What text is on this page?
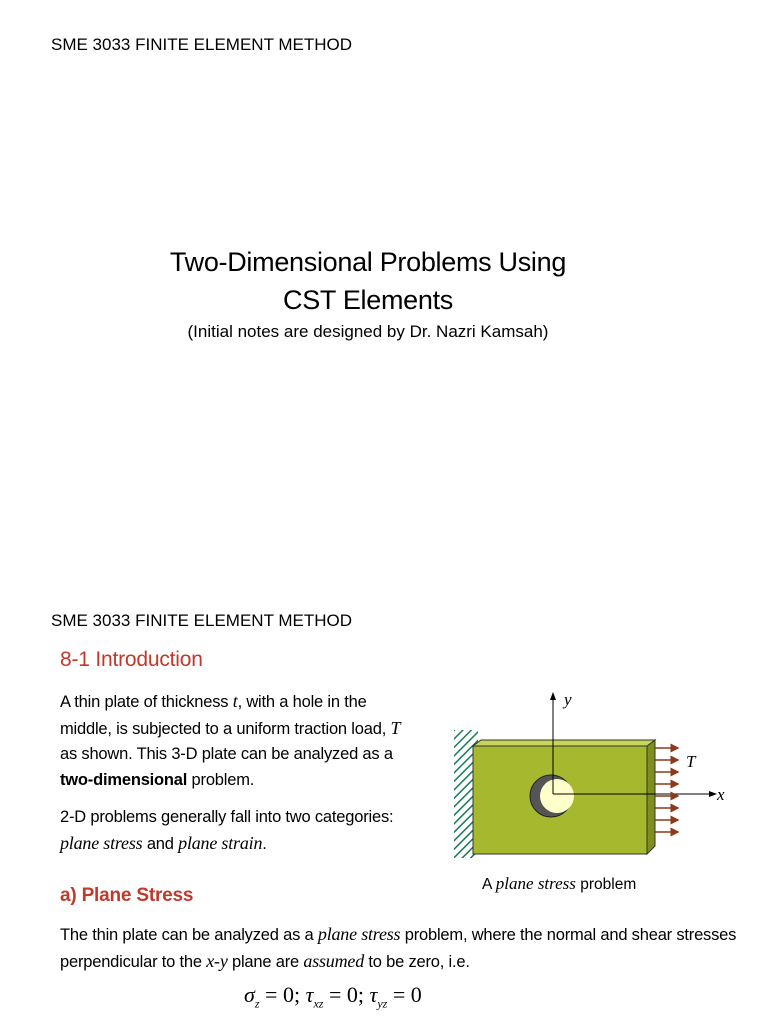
SME 3033 FINITE ELEMENT METHOD
Two-Dimensional Problems Using
CST Elements
(Initial notes are designed by Dr. Nazri Kamsah)
SME 3033 FINITE ELEMENT METHOD
8-1 Introduction
A thin plate of thickness t, with a hole in the middle, is subjected to a uniform traction load, T as shown. This 3-D plate can be analyzed as a two-dimensional problem.
2-D problems generally fall into two categories: plane stress and plane strain.
y
x
T
A plane stress problem
a) Plane Stress
The thin plate can be analyzed as a plane stress problem, where the normal and shear stresses perpendicular to the x-y plane are assumed to be zero, i.e.
$\sigma_z = 0$; $\tau_{xz} = 0$; $\tau_{yz} = 0$
